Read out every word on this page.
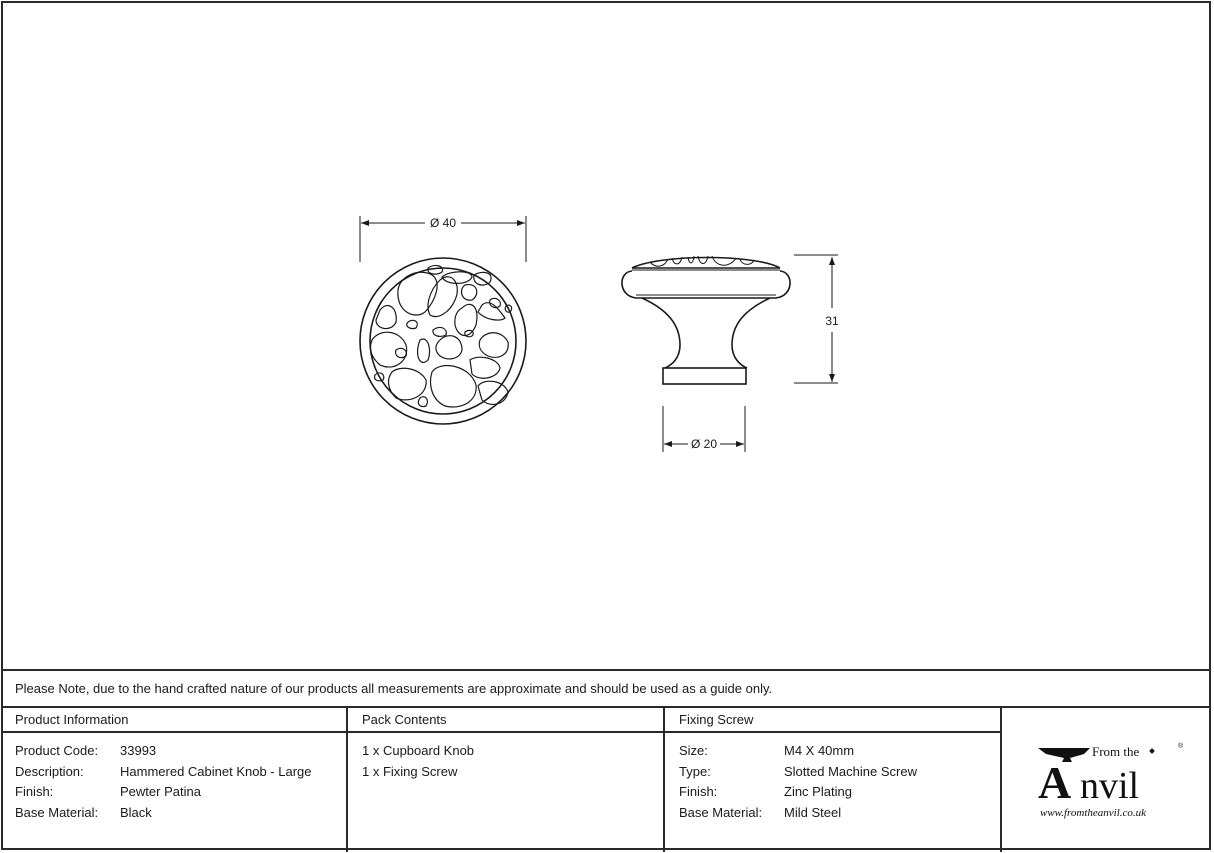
Ø 40
31
Ø 20
Please Note, due to the hand crafted nature of our products all measurements are approximate and should be used as a guide only.
Product Information
Product Code:	33993
Description:	Hammered Cabinet Knob - Large
Finish:	Pewter Patina
Base Material:	Black
Pack Contents
1 x Cupboard Knob
1 x Fixing Screw
Fixing Screw
Size:	M4 X 40mm
Type:	Slotted Machine Screw
Finish:	Zinc Plating
Base Material:	Mild Steel
A
From the
nvil
®
www.fromtheanvil.co.uk
